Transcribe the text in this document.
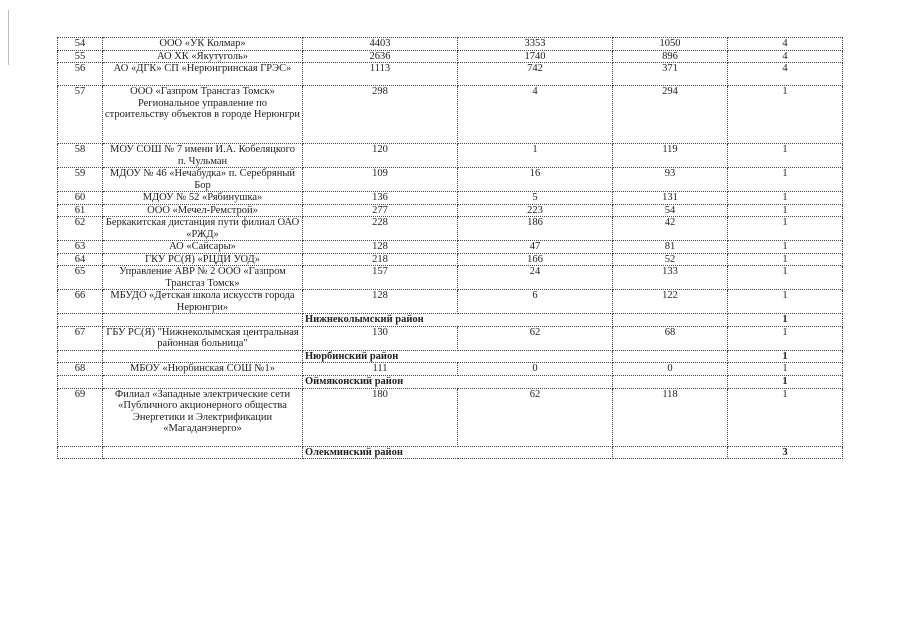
54	ООО «УК Колмар»	4403	3353	1050	4
55	АО ХК «Якутуголь»	2636	1740	896	4
56	АО «ДГК» СП «Нерюнгринская ГРЭС»	1113	742	371	4
57	ООО «Газпром Трансгаз Томск» Региональное управление по строительству объектов в городе Нерюнгри	298	4	294	1
58	МОУ СОШ № 7 имени И.А. Кобеляцкого п. Чульман	120	1	119	1
59	МДОУ № 46 «Нечабудка» п. Серебряный Бор	109	16	93	1
60	МДОУ № 52 «Рябинушка»	136	5	131	1
61	ООО «Мечел-Ремстрой»	277	223	54	1
62	Беркакитская дистанция пути филиал ОАО «РЖД»	228	186	42	1
63	АО «Сайсары»	128	47	81	1
64	ГКУ РС(Я) «РЦДИ УОД»	218	166	52	1
65	Управление АВР № 2 ООО «Газпром Трансгаз Томск»	157	24	133	1
66	МБУДО «Детская школа искусств города Нерюнгри»	128	6	122	1
		Нижнеколымский район			1
67	ГБУ РС(Я) "Нижнеколымская центральная районная больница"	130	62	68	1
		Нюрбинский район			1
68	МБОУ «Нюрбинская СОШ №1»	111	0	0	1
		Оймяконский район			1
69	Филиал «Западные электрические сети «Публичного акционерного общества Энергетики и Электрификации «Магаданэнерго»	180	62	118	1
		Олекминский район			3
